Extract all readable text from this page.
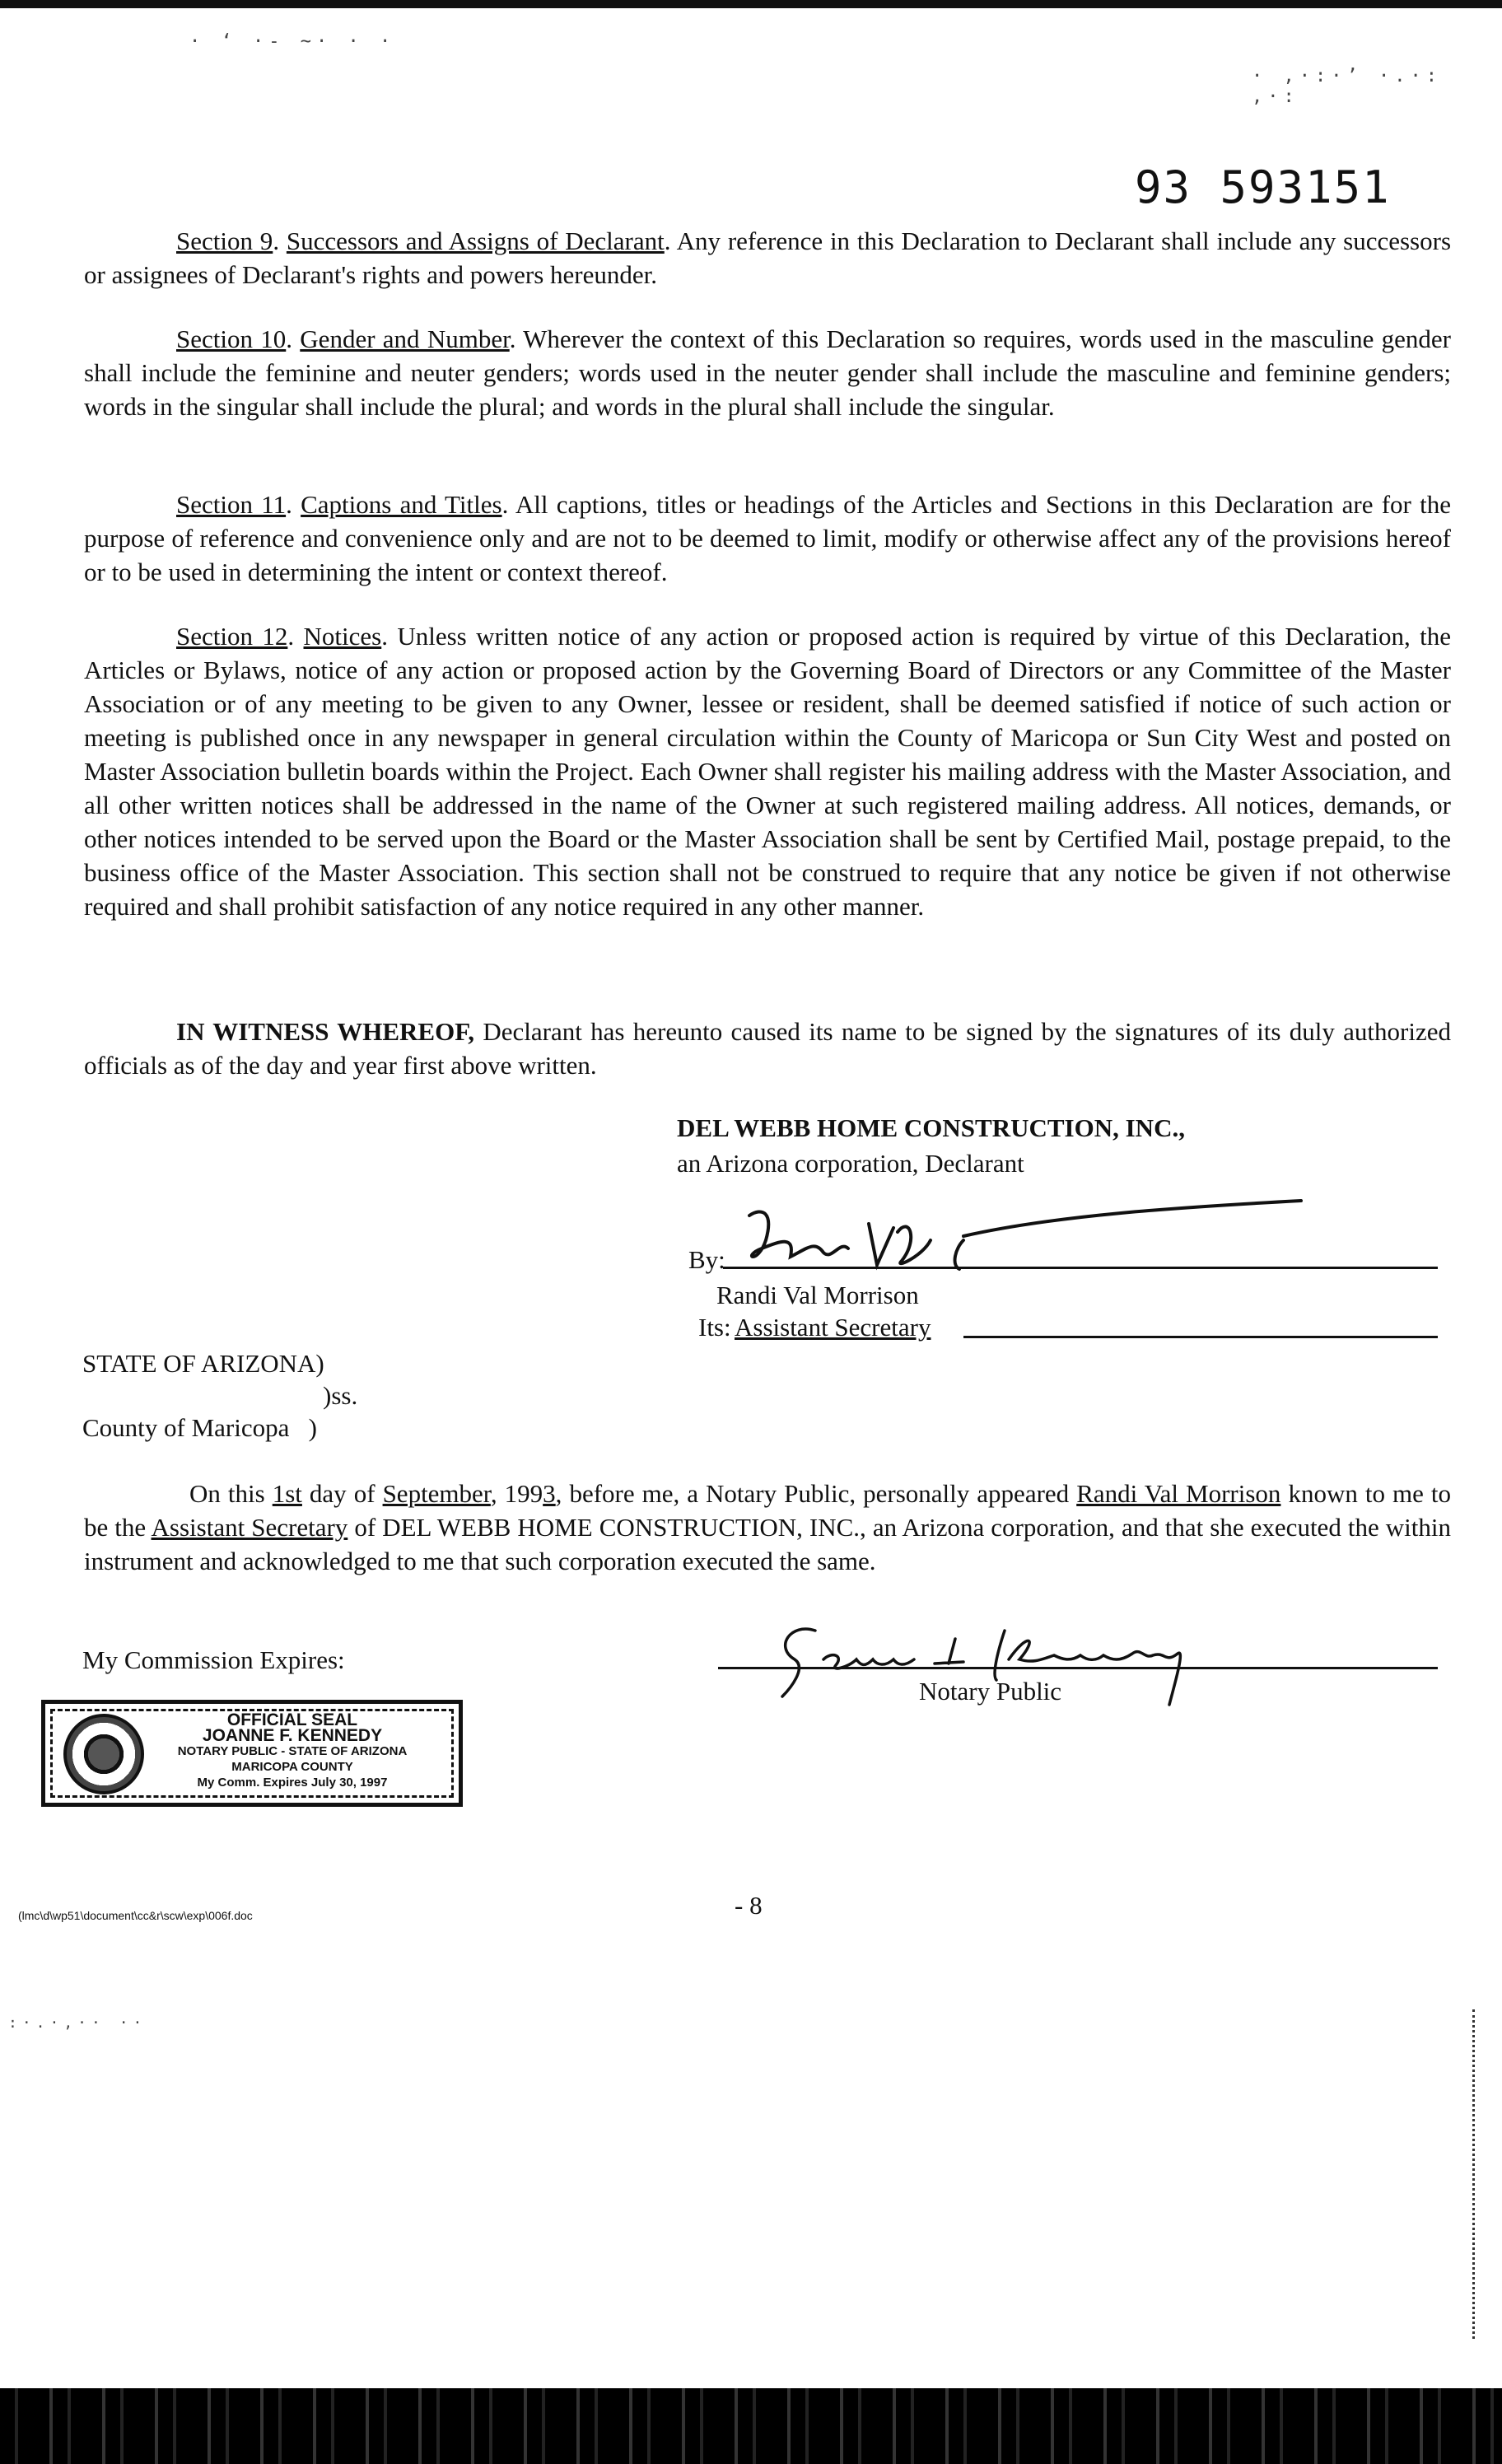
· ‘ ·- ~· · ·
· ,·:·’ ·.·: ,·:
:·.·,·· ··
93 593151
Section 9. Successors and Assigns of Declarant. Any reference in this Declaration to Declarant shall include any successors or assignees of Declarant's rights and powers hereunder.
Section 10. Gender and Number. Wherever the context of this Declaration so requires, words used in the masculine gender shall include the feminine and neuter genders; words used in the neuter gender shall include the masculine and feminine genders; words in the singular shall include the plural; and words in the plural shall include the singular.
Section 11. Captions and Titles. All captions, titles or headings of the Articles and Sections in this Declaration are for the purpose of reference and convenience only and are not to be deemed to limit, modify or otherwise affect any of the provisions hereof or to be used in determining the intent or context thereof.
Section 12. Notices. Unless written notice of any action or proposed action is required by virtue of this Declaration, the Articles or Bylaws, notice of any action or proposed action by the Governing Board of Directors or any Committee of the Master Association or of any meeting to be given to any Owner, lessee or resident, shall be deemed satisfied if notice of such action or meeting is published once in any newspaper in general circulation within the County of Maricopa or Sun City West and posted on Master Association bulletin boards within the Project. Each Owner shall register his mailing address with the Master Association, and all other written notices shall be addressed in the name of the Owner at such registered mailing address. All notices, demands, or other notices intended to be served upon the Board or the Master Association shall be sent by Certified Mail, postage prepaid, to the business office of the Master Association. This section shall not be construed to require that any notice be given if not otherwise required and shall prohibit satisfaction of any notice required in any other manner.
IN WITNESS WHEREOF, Declarant has hereunto caused its name to be signed by the signatures of its duly authorized officials as of the day and year first above written.
DEL WEBB HOME CONSTRUCTION, INC.,
an Arizona corporation, Declarant
By:
Randi Val Morrison
Its: Assistant Secretary
STATE OF ARIZONA)
)ss.
County of Maricopa   )
On this 1st day of September, 1993, before me, a Notary Public, personally appeared Randi Val Morrison known to me to be the Assistant Secretary of DEL WEBB HOME CONSTRUCTION, INC., an Arizona corporation, and that she executed the within instrument and acknowledged to me that such corporation executed the same.
My Commission Expires:
Notary Public
OFFICIAL SEAL
JOANNE F. KENNEDY
NOTARY PUBLIC - STATE OF ARIZONA
MARICOPA COUNTY
My Comm. Expires July 30, 1997
(lmc\d\wp51\document\cc&r\scw\exp\006f.doc	- 8
